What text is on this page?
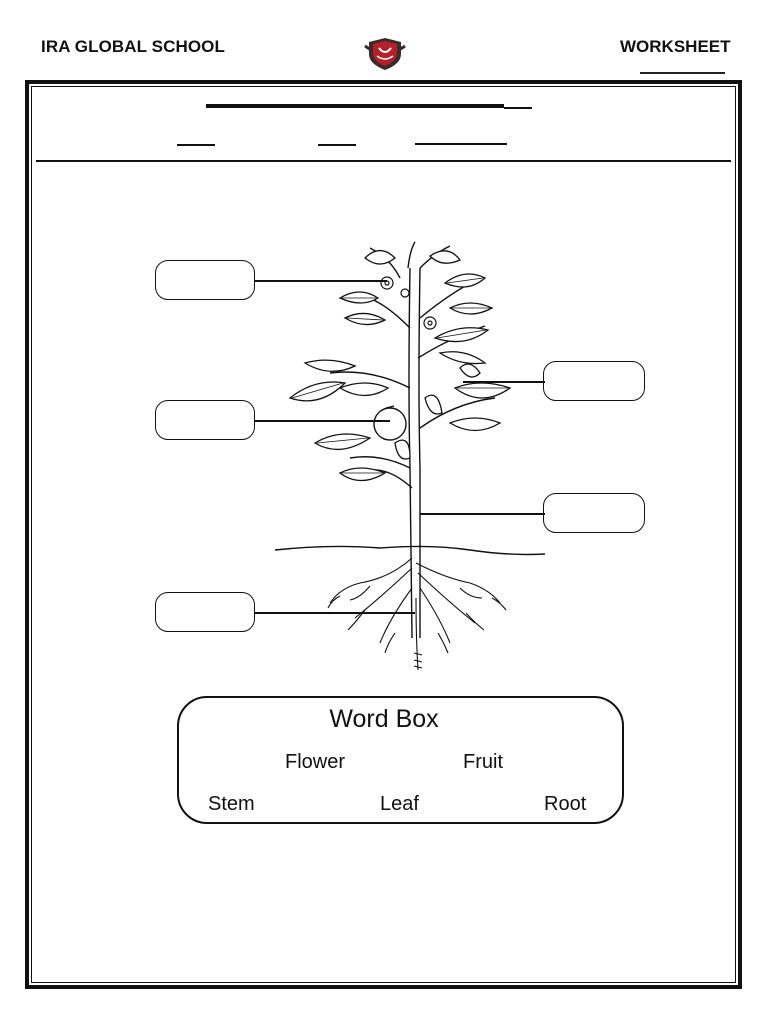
IRA GLOBAL SCHOOL	WORKSHEET
Word Box
Flower	Fruit
Stem	Leaf	Root
